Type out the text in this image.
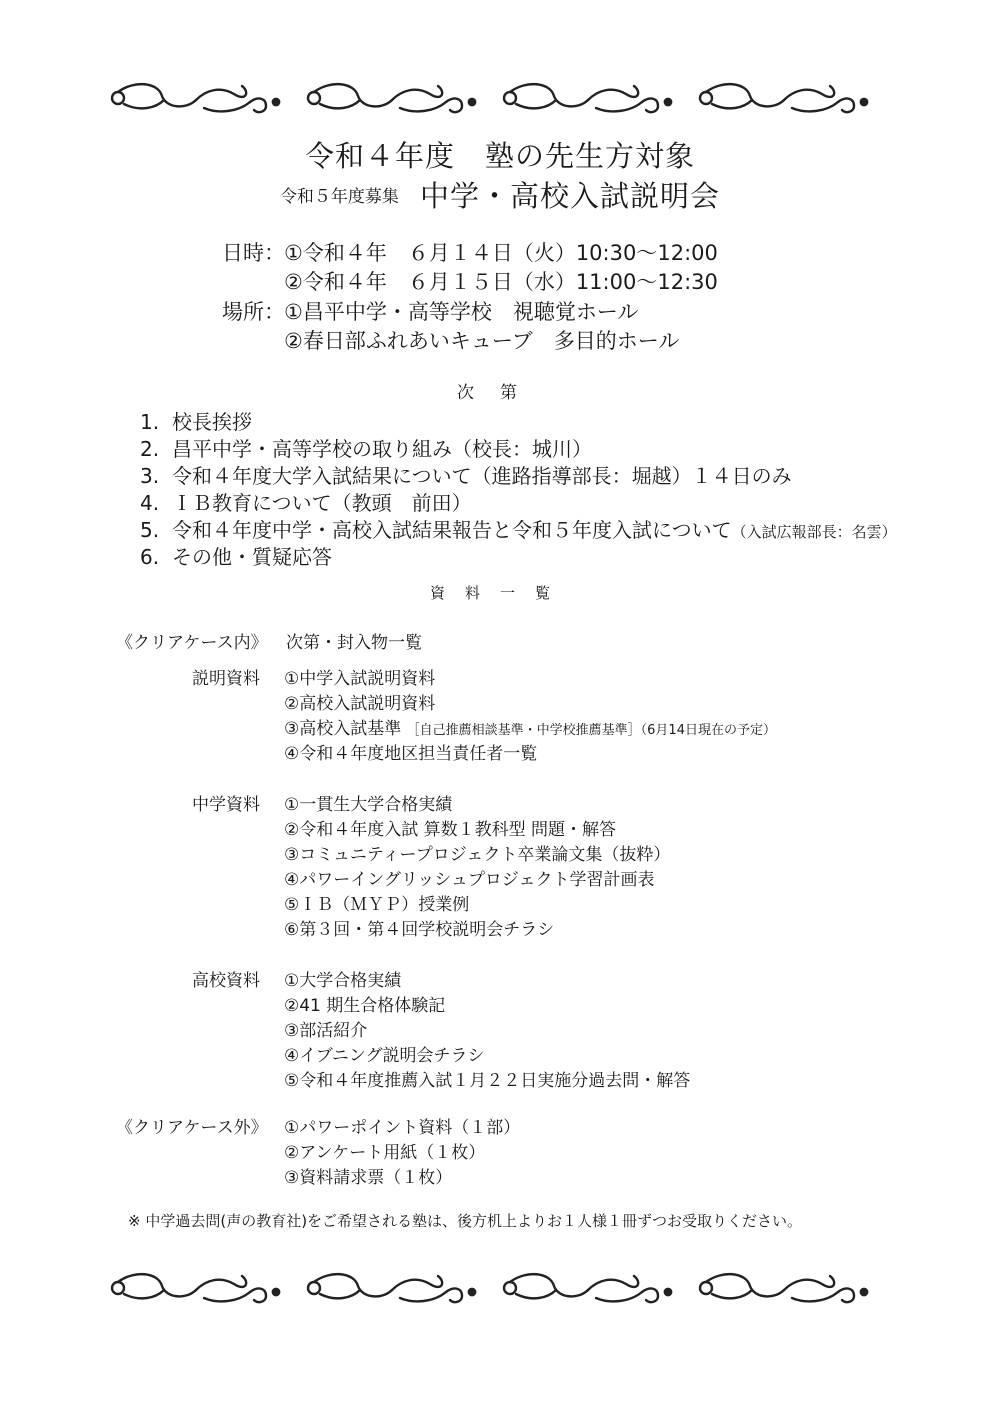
令和４年度　塾の先生方対象
令和５年度募集 中学・高校入試説明会
日時： ①令和４年　６月１４日（火）10:30〜12:00
②令和４年　６月１５日（水）11:00〜12:30
場所： ①昌平中学・高等学校　視聴覚ホール
②春日部ふれあいキューブ　多目的ホール
次第
1. 校長挨拶
2. 昌平中学・高等学校の取り組み（校長：城川）
3. 令和４年度大学入試結果について（進路指導部長：堀越）１４日のみ
4. ＩＢ教育について（教頭　前田）
5. 令和４年度中学・高校入試結果報告と令和５年度入試について（入試広報部長：名雲）
6. その他・質疑応答
資料一覧
《クリアケース内》 次第・封入物一覧
説明資料 ①中学入試説明資料
②高校入試説明資料
③高校入試基準 ［自己推薦相談基準・中学校推薦基準］（6月14日現在の予定）
④令和４年度地区担当責任者一覧
中学資料 ①一貫生大学合格実績
②令和４年度入試 算数１教科型 問題・解答
③コミュニティープロジェクト卒業論文集（抜粋）
④パワーイングリッシュプロジェクト学習計画表
⑤ＩＢ（ＭＹＰ）授業例
⑥第３回・第４回学校説明会チラシ
高校資料 ①大学合格実績
②41 期生合格体験記
③部活紹介
④イブニング説明会チラシ
⑤令和４年度推薦入試１月２２日実施分過去問・解答
《クリアケース外》 ①パワーポイント資料（１部）
②アンケート用紙（１枚）
③資料請求票（１枚）
※ 中学過去問(声の教育社)をご希望される塾は、後方机上よりお１人様１冊ずつお受取りください。
